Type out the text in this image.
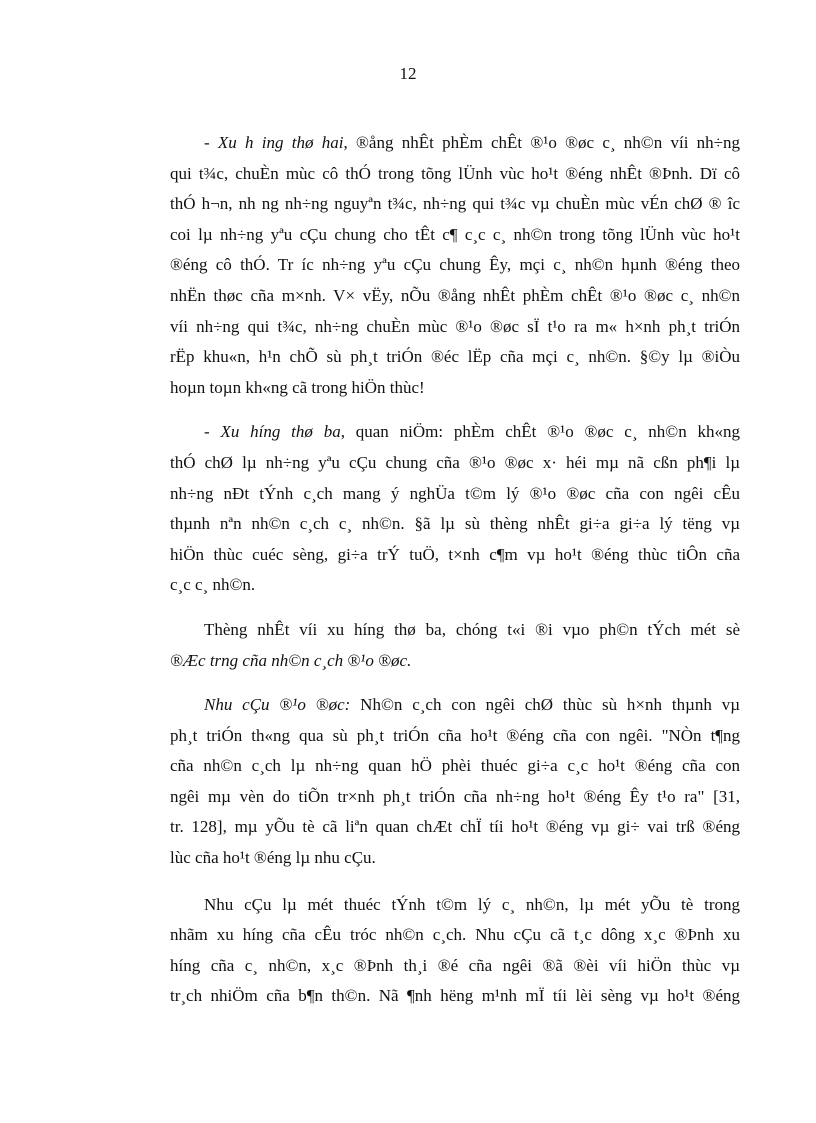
12
- Xu h ing thø hai, ®ång nhÊt phÈm chÊt ®¹o ®øc c¸ nh©n víi nh÷ng
qui t¾c, chuÈn mùc cô thÓ trong tõng lÜnh vùc ho¹t ®éng nhÊt ®Þnh. Dï cô
thÓ h¬n, nh ng nh÷ng nguyªn t¾c, nh÷ng qui t¾c vµ chuÈn mùc vÉn chØ ® îc
coi lµ nh÷ng yªu cÇu chung cho tÊt c¶ c¸c c¸ nh©n trong tõng lÜnh vùc ho¹t
®éng cô thÓ. Tr íc nh÷ng yªu cÇu chung Êy, mçi c¸ nh©n hµnh ®éng theo
nhËn thøc cña m×nh. V× vËy, nÕu ®ång nhÊt phÈm chÊt ®¹o ®øc c¸ nh©n
víi nh÷ng qui t¾c, nh÷ng chuÈn mùc ®¹o ®øc sÏ t¹o ra m« h×nh ph¸t triÓn
rËp khu«n, h¹n chÕ sù ph¸t triÓn ®éc lËp cña mçi c¸ nh©n. §©y lµ ®iÒu
hoµn toµn kh«ng cã trong hiÖn thùc!
- Xu híng thø ba, quan niÖm: phÈm chÊt ®¹o ®øc c¸ nh©n kh«ng
thÓ chØ lµ nh÷ng yªu cÇu chung cña ®¹o ®øc x· héi mµ nã cßn ph¶i lµ
nh÷ng nÐt tÝnh c¸ch mang ý nghÜa t©m lý ®¹o ®øc cña con ngêi cÊu
thµnh nªn nh©n c¸ch c¸ nh©n. §ã lµ sù thèng nhÊt gi÷a gi÷a lý tëng vµ
hiÖn thùc cuéc sèng, gi÷a trÝ tuÖ, t×nh c¶m vµ ho¹t ®éng thùc tiÔn cña
c¸c c¸ nh©n.
Thèng nhÊt víi xu híng thø ba, chóng t«i ®i vµo ph©n tÝch mét sè
®Æc trng cña nh©n c¸ch ®¹o ®øc.
Nhu cÇu ®¹o ®øc: Nh©n c¸ch con ngêi chØ thùc sù h×nh thµnh vµ
ph¸t triÓn th«ng qua sù ph¸t triÓn cña ho¹t ®éng cña con ngêi. "NÒn t¶ng
cña nh©n c¸ch lµ nh÷ng quan hÖ phèi thuéc gi÷a c¸c ho¹t ®éng cña con
ngêi mµ vèn do tiÕn tr×nh ph¸t triÓn cña nh÷ng ho¹t ®éng Êy t¹o ra" [31,
tr. 128], mµ yÕu tè cã liªn quan chÆt chÏ tíi ho¹t ®éng vµ gi÷ vai trß ®éng
lùc cña ho¹t ®éng lµ nhu cÇu.
Nhu cÇu lµ mét thuéc tÝnh t©m lý c¸ nh©n, lµ mét yÕu tè trong
nhãm xu híng cña cÊu tróc nh©n c¸ch. Nhu cÇu cã t¸c dông x¸c ®Þnh xu
híng cña c¸ nh©n, x¸c ®Þnh th¸i ®é cña ngêi ®ã ®èi víi hiÖn thùc vµ
tr¸ch nhiÖm cña b¶n th©n. Nã ¶nh hëng m¹nh mÏ tíi lèi sèng vµ ho¹t ®éng
